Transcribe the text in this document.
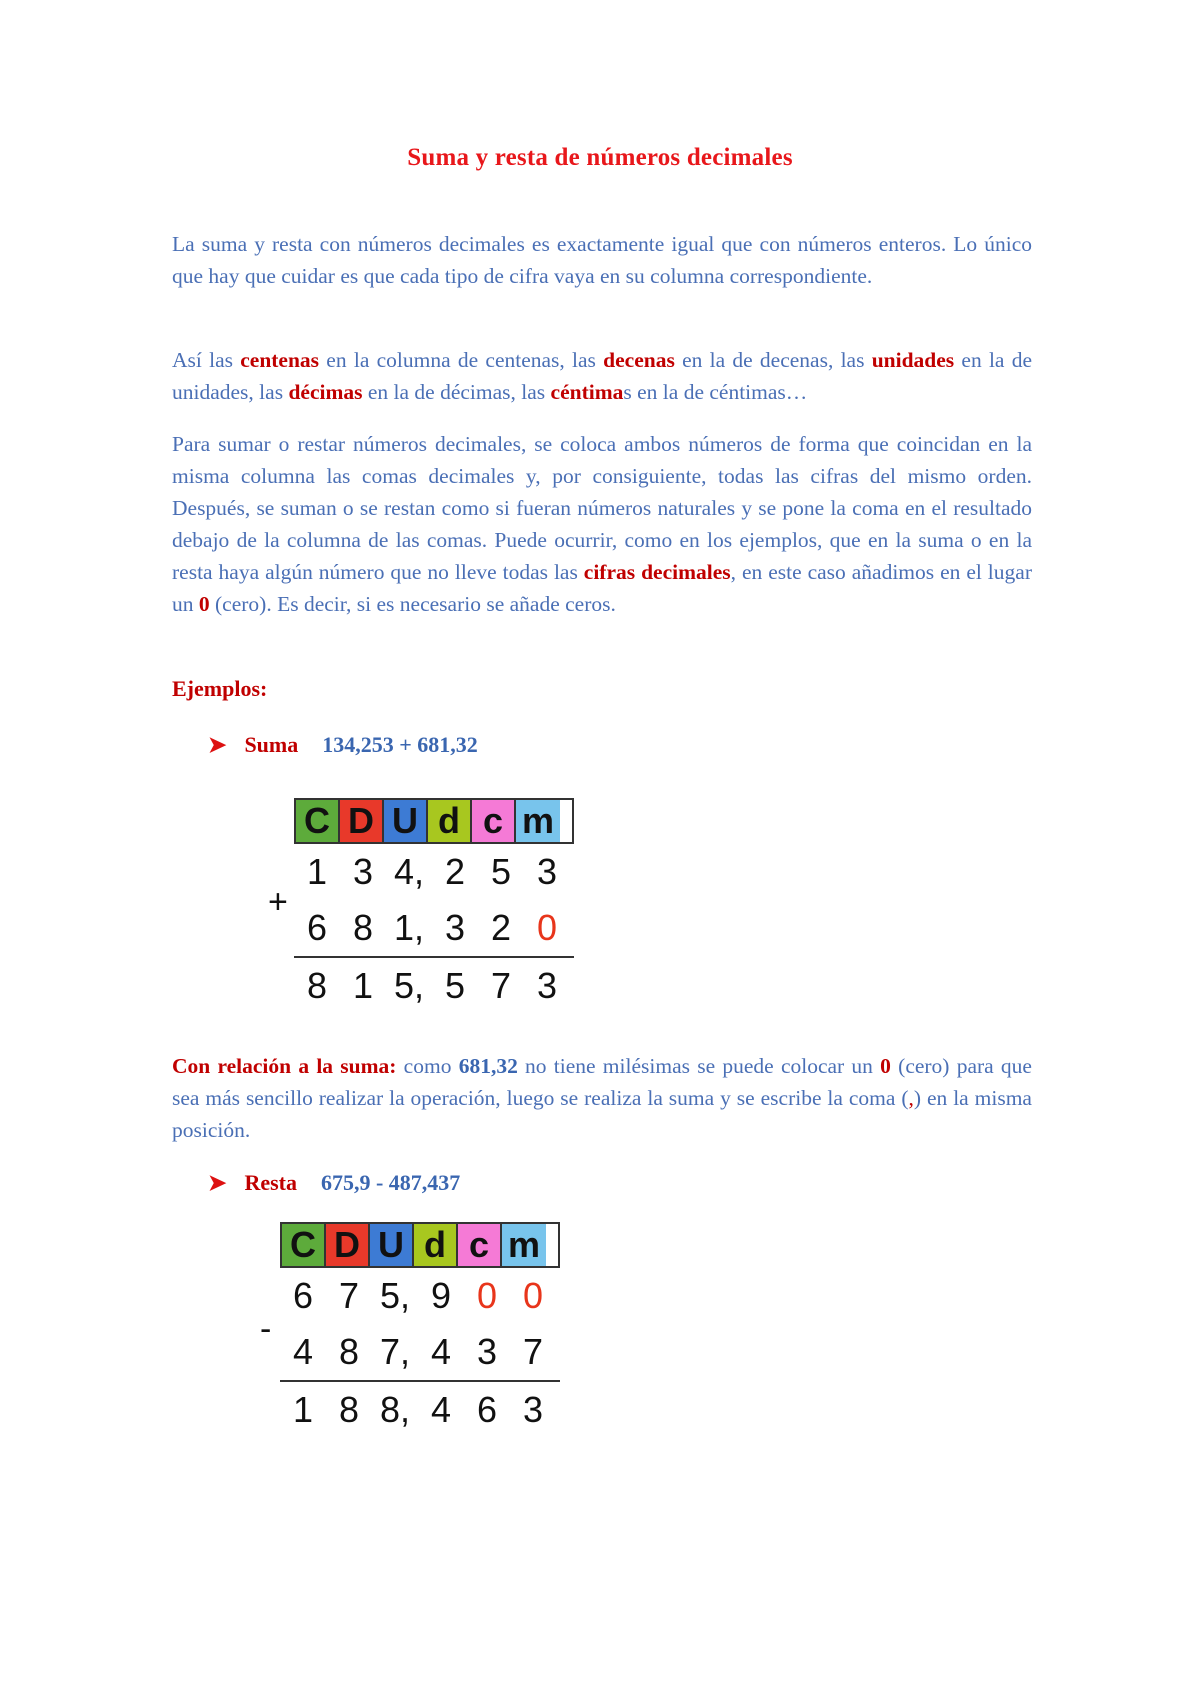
Suma y resta de números decimales

La suma y resta con números decimales es exactamente igual que con números enteros. Lo único que hay que cuidar es que cada tipo de cifra vaya en su columna correspondiente.

Así las centenas en la columna de centenas, las decenas en la de decenas, las unidades en la de unidades, las décimas en la de décimas, las céntimas en la de céntimas…

Para sumar o restar números decimales, se coloca ambos números de forma que coincidan en la misma columna las comas decimales y, por consiguiente, todas las cifras del mismo orden. Después, se suman o se restan como si fueran números naturales y se pone la coma en el resultado debajo de la columna de las comas. Puede ocurrir, como en los ejemplos, que en la suma o en la resta haya algún número que no lleve todas las cifras decimales, en este caso añadimos en el lugar un 0 (cero). Es decir, si es necesario se añade ceros.

Ejemplos:
➤ Suma 134,253 + 681,32
+
C D U d c m
1 3 4, 2 5 3
6 8 1, 3 2 0
8 1 5, 5 7 3

Con relación a la suma: como 681,32 no tiene milésimas se puede colocar un 0 (cero) para que sea más sencillo realizar la operación, luego se realiza la suma y se escribe la coma (,) en la misma posición.

➤ Resta 675,9 - 487,437
-
C D U d c m
6 7 5, 9 0 0
4 8 7, 4 3 7
1 8 8, 4 6 3
